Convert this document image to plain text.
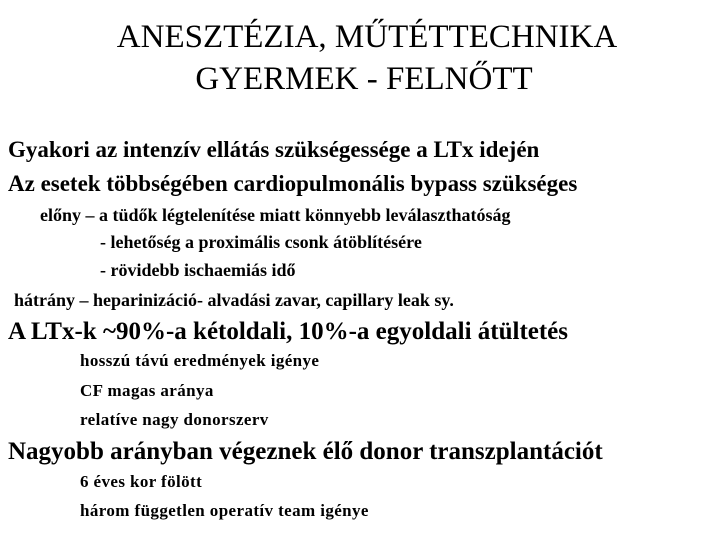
ANESZTÉZIA, MŰTÉTTECHNIKA
GYERMEK - FELNŐTT
Gyakori az intenzív ellátás szükségessége a LTx idején
Az esetek többségében cardiopulmonális bypass szükséges
előny – a tüdők légtelenítése miatt könnyebb leválaszthatóság
- lehetőség a proximális csonk átöblítésére
- rövidebb ischaemiás idő
hátrány – heparinizáció- alvadási zavar, capillary leak sy.
A LTx-k ~90%-a kétoldali, 10%-a egyoldali átültetés
hosszú távú eredmények igénye
CF magas aránya
relatíve nagy donorszerv
Nagyobb arányban végeznek élő donor transzplantációt
6 éves kor fölött
három független operatív team igénye
